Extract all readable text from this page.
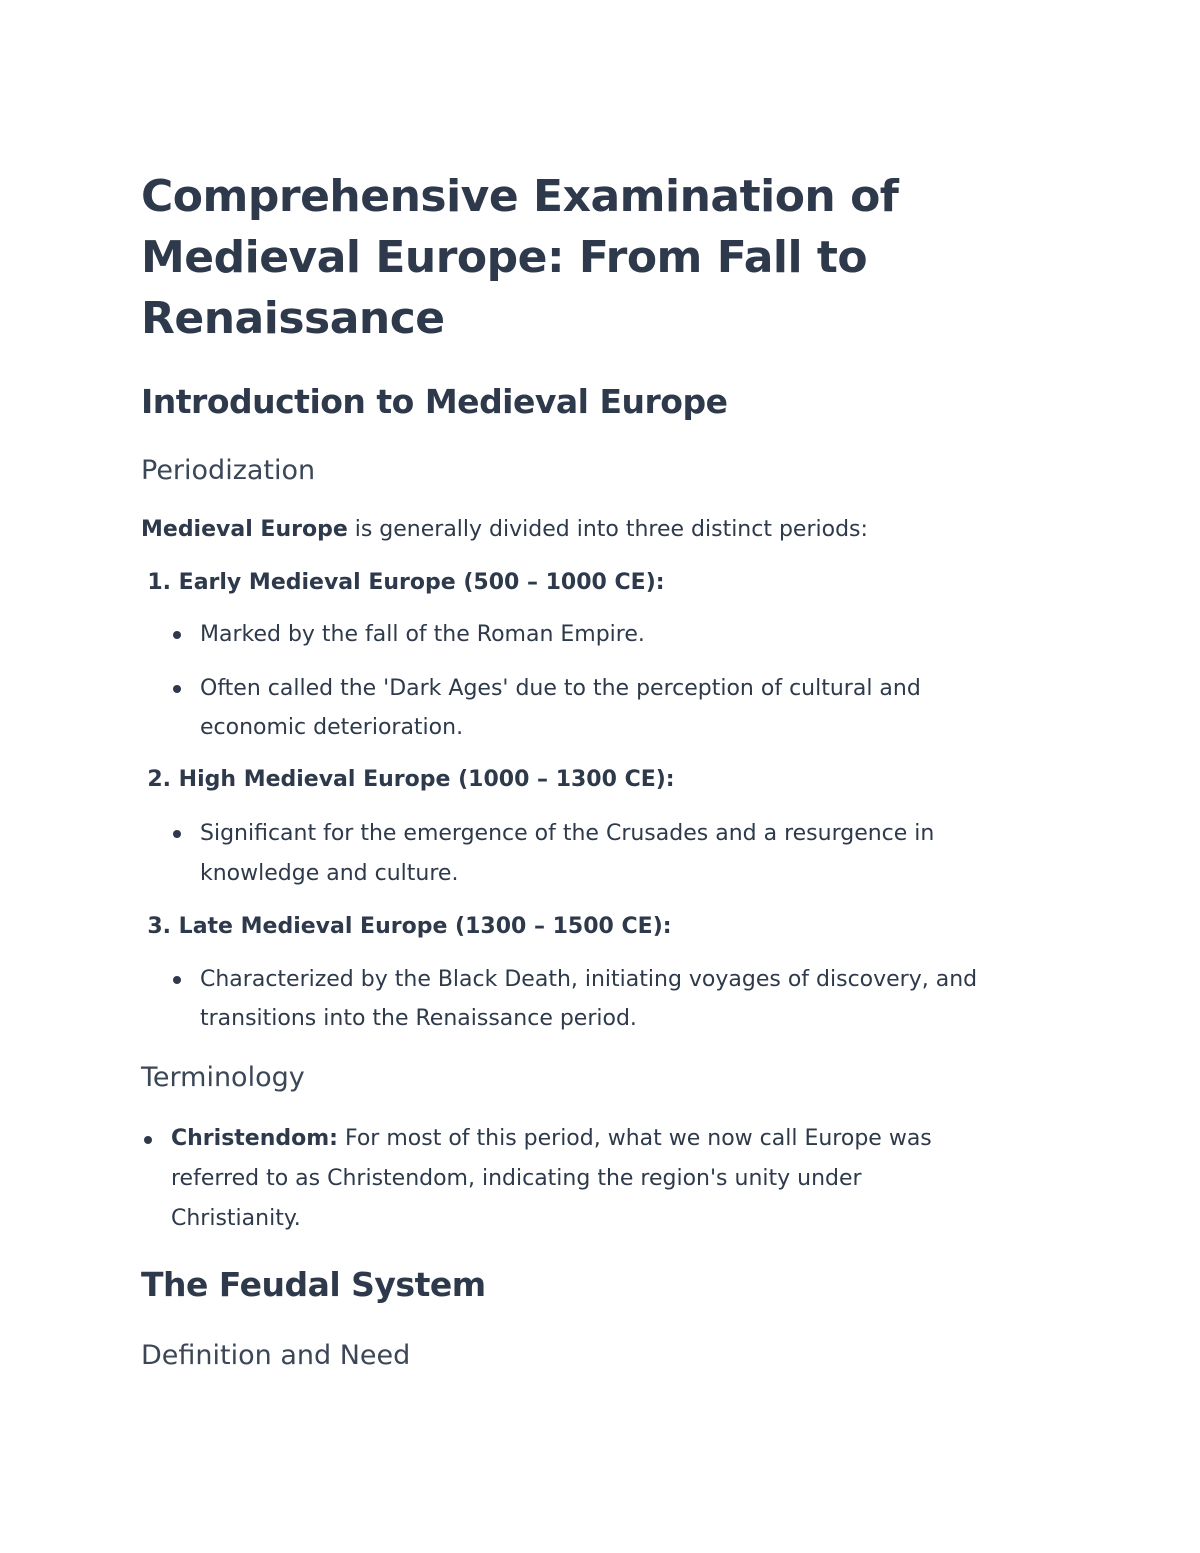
Comprehensive Examination of
Medieval Europe: From Fall to
Renaissance
Introduction to Medieval Europe
Periodization

Medieval Europe is generally divided into three distinct periods:

1. Early Medieval Europe (500 – 1000 CE):

Marked by the fall of the Roman Empire.

Often called the 'Dark Ages' due to the perception of cultural and

economic deterioration.

2. High Medieval Europe (1000 – 1300 CE):

Significant for the emergence of the Crusades and a resurgence in

knowledge and culture.

3. Late Medieval Europe (1300 – 1500 CE):

Characterized by the Black Death, initiating voyages of discovery, and

transitions into the Renaissance period.

Terminology

Christendom: For most of this period, what we now call Europe was

referred to as Christendom, indicating the region's unity under

Christianity.

The Feudal System
Definition and Need
